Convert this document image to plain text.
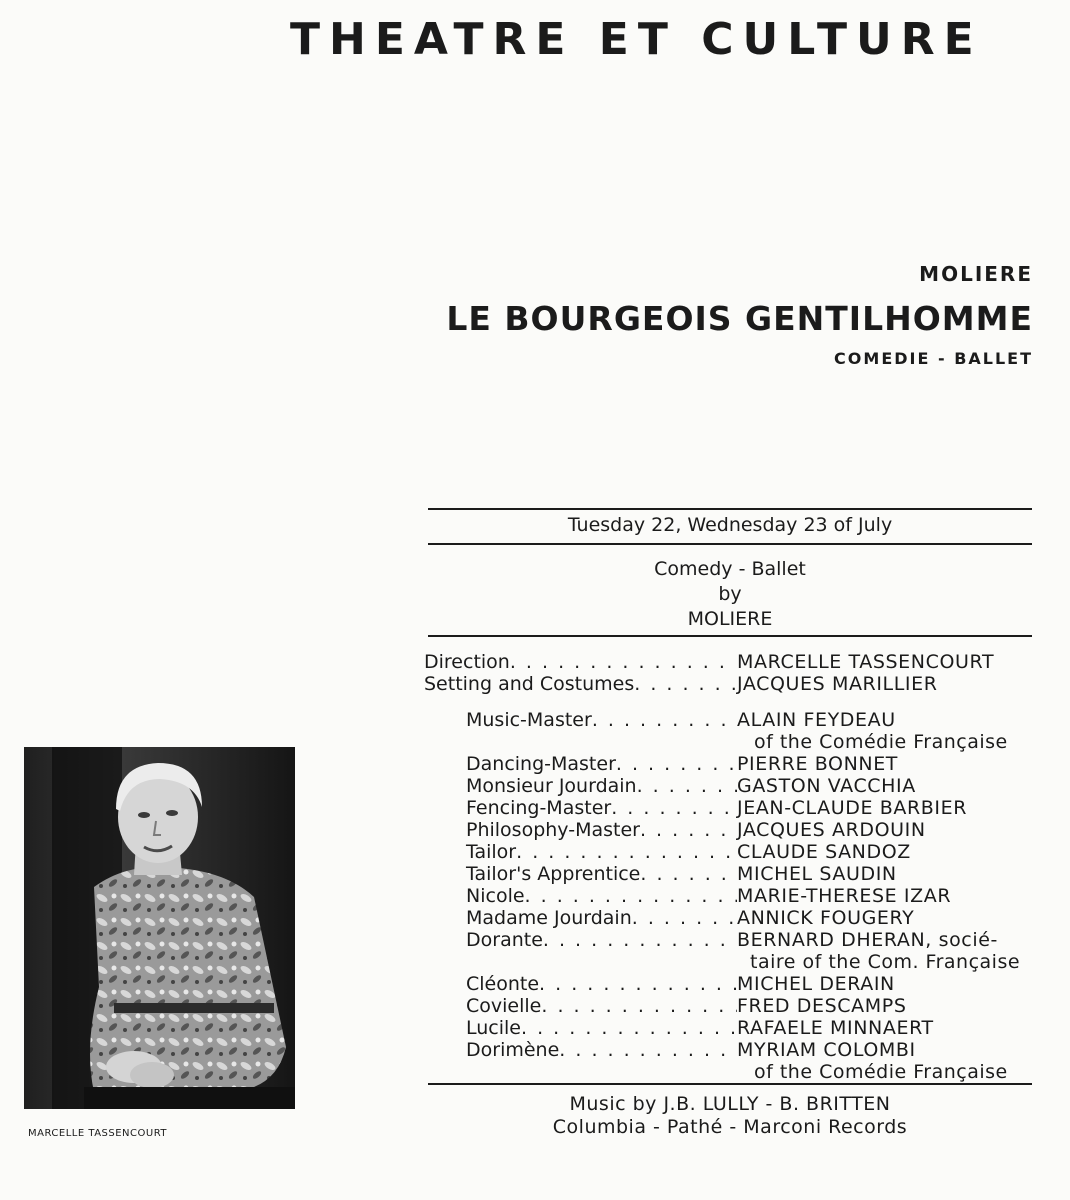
THEATRE ET CULTURE
MOLIERE
LE BOURGEOIS GENTILHOMME
COMEDIE - BALLET
Tuesday 22, Wednesday 23 of July
Comedy - Ballet
by
MOLIERE
Direction . . .	MARCELLE TASSENCOURT
Setting and Costumes . . .	JACQUES MARILLIER
Music-Master . . .	ALAIN FEYDEAU
of the Comédie Française
Dancing-Master . . .	PIERRE BONNET
Monsieur Jourdain . . .	GASTON VACCHIA
Fencing-Master . . .	JEAN-CLAUDE BARBIER
Philosophy-Master . . .	JACQUES ARDOUIN
Tailor . . .	CLAUDE SANDOZ
Tailor's Apprentice . . .	MICHEL SAUDIN
Nicole . . .	MARIE-THERESE IZAR
Madame Jourdain . . .	ANNICK FOUGERY
Dorante . . .	BERNARD DHERAN, socié-
taire of the Com. Française
Cléonte . . .	MICHEL DERAIN
Covielle . . .	FRED DESCAMPS
Lucile . . .	RAFAELE MINNAERT
Dorimène . . .	MYRIAM COLOMBI
of the Comédie Française
Music by J.B. LULLY - B. BRITTEN
Columbia - Pathé - Marconi Records
MARCELLE TASSENCOURT
